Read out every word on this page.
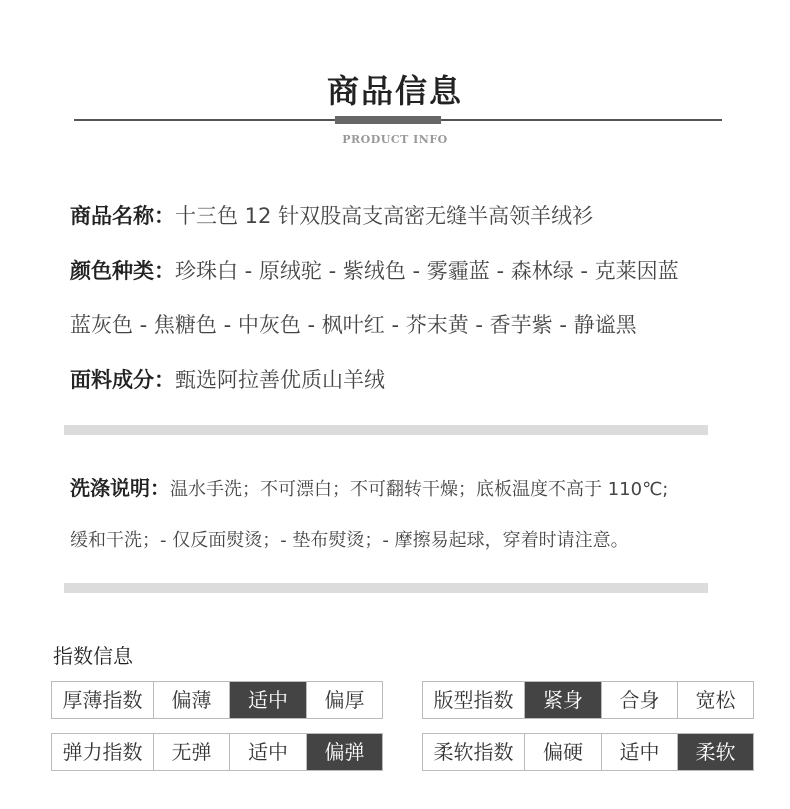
商品信息
PRODUCT INFO
商品名称：十三色 12 针双股高支高密无缝半高领羊绒衫
颜色种类：珍珠白 - 原绒驼 - 紫绒色 - 雾霾蓝 - 森林绿 - 克莱因蓝
蓝灰色 - 焦糖色 - 中灰色 - 枫叶红 - 芥末黄 - 香芋紫 - 静谧黑
面料成分：甄选阿拉善优质山羊绒
洗涤说明：温水手洗；不可漂白；不可翻转干燥；底板温度不高于 110℃;
缓和干洗；- 仅反面熨烫；- 垫布熨烫；- 摩擦易起球，穿着时请注意。
指数信息
厚薄指数	偏薄	适中	偏厚	版型指数	紧身	合身	宽松
弹力指数	无弹	适中	偏弹	柔软指数	偏硬	适中	柔软
